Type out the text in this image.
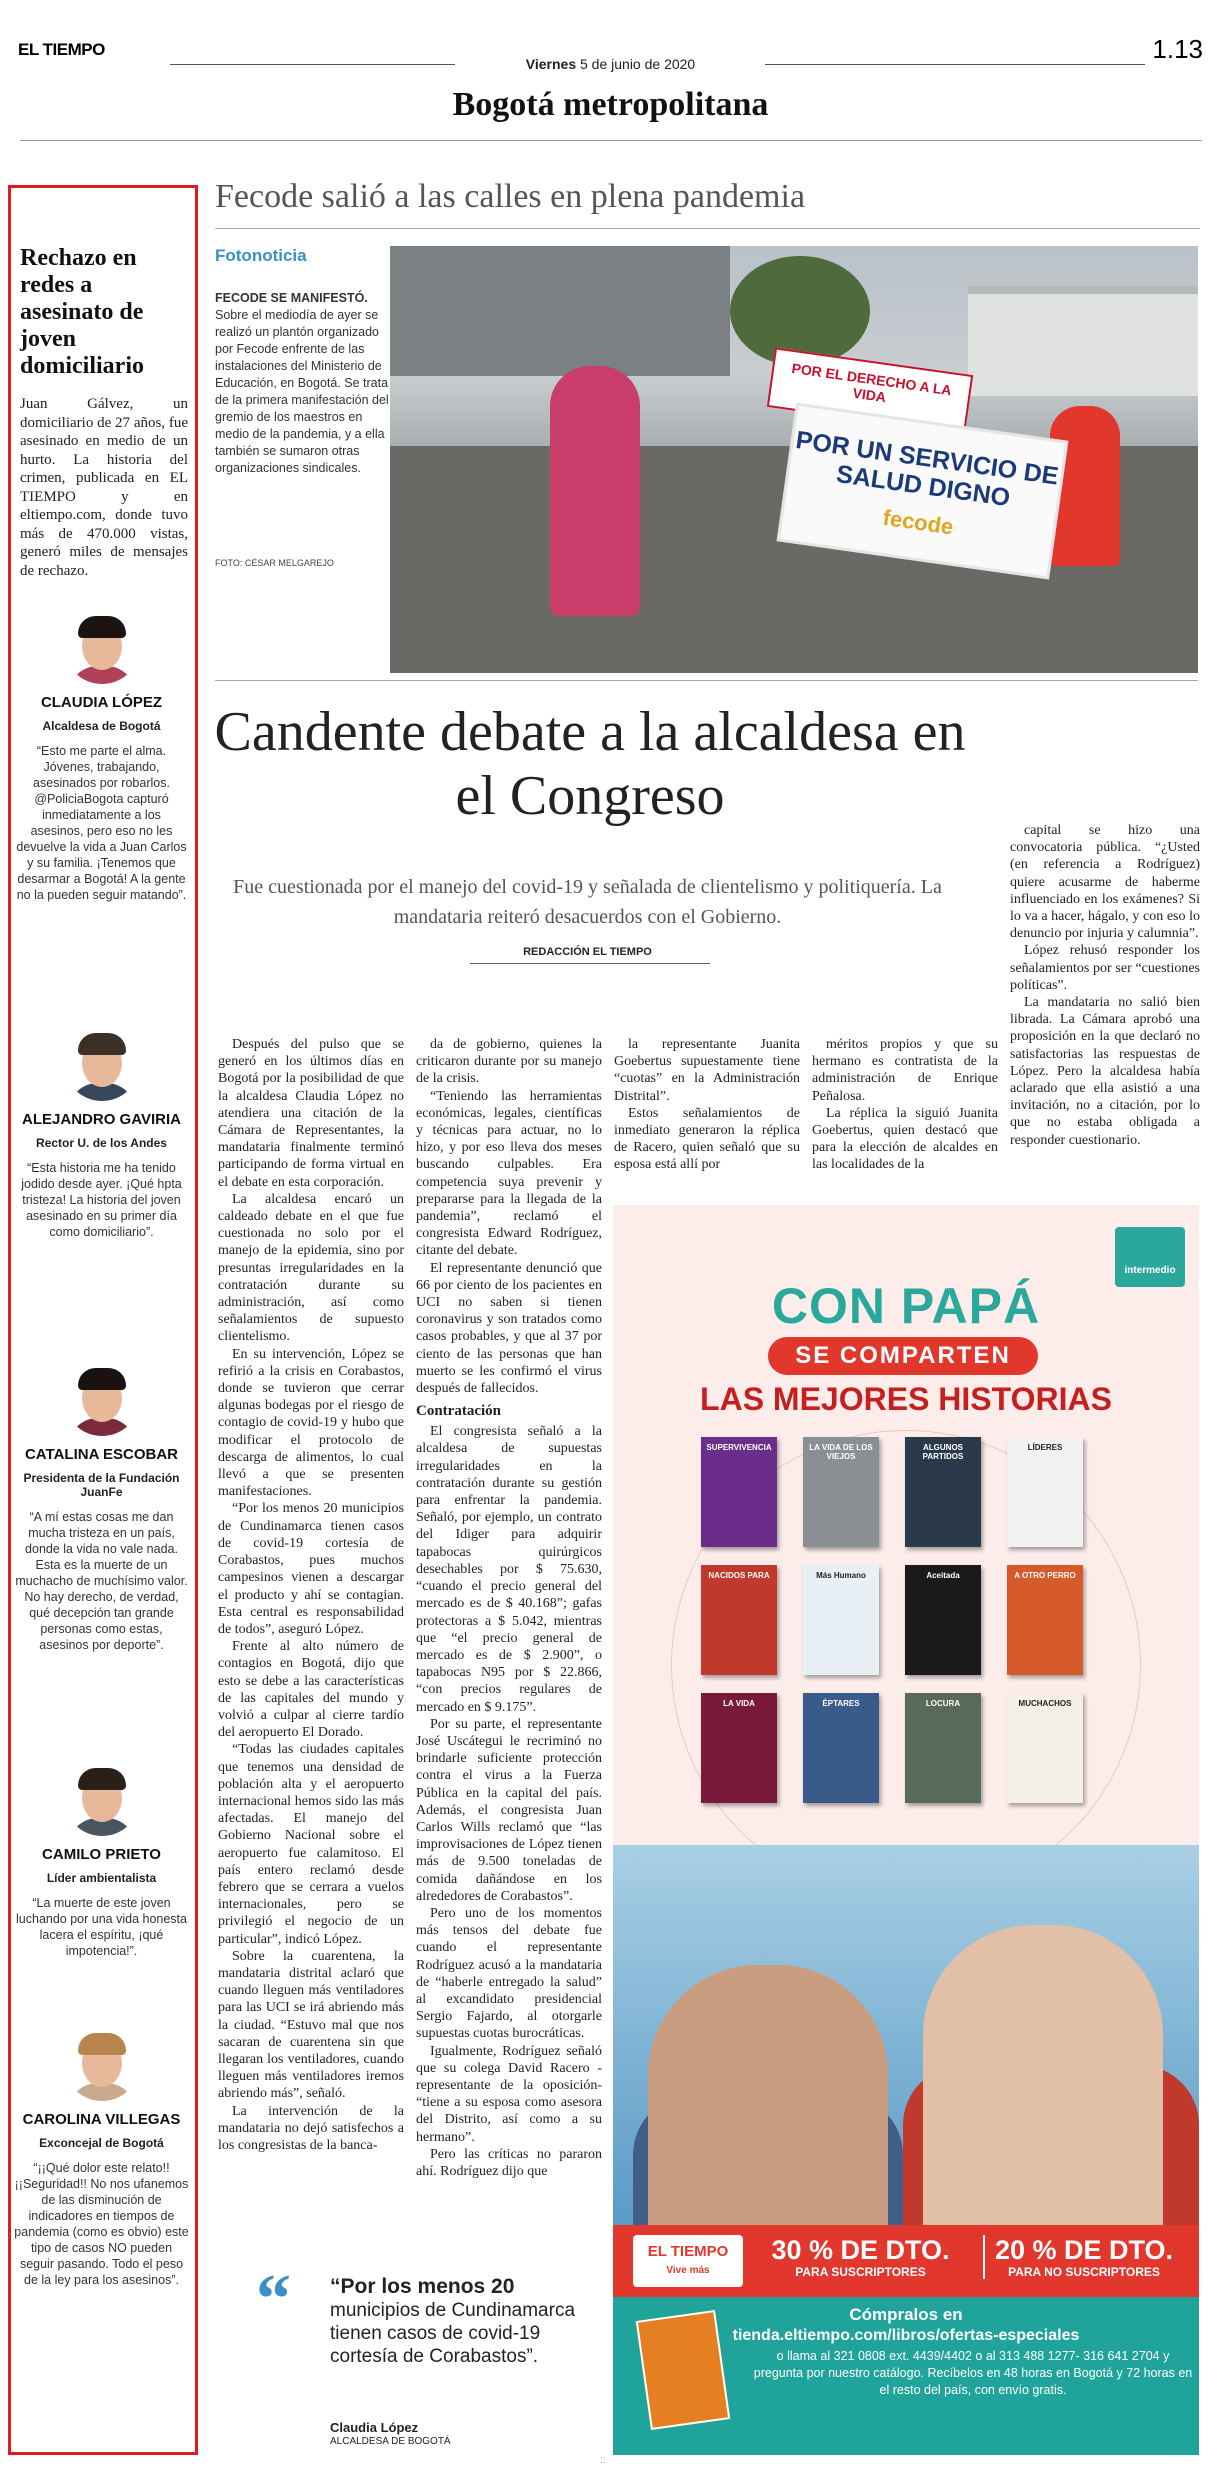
EL TIEMPO	1.13
Viernes 5 de junio de 2020
Bogotá metropolitana
Rechazo en redes a asesinato de joven domiciliario
Juan Gálvez, un domiciliario de 27 años, fue asesinado en medio de un hurto. La historia del crimen, publicada en EL TIEMPO y en eltiempo.com, donde tuvo más de 470.000 vistas, generó miles de mensajes de rechazo.
CLAUDIA LÓPEZ
Alcaldesa de Bogotá
“Esto me parte el alma. Jóvenes, trabajando, asesinados por robarlos. @PoliciaBogota capturó inmediatamente a los asesinos, pero eso no les devuelve la vida a Juan Carlos y su familia. ¡Tenemos que desarmar a Bogotá! A la gente no la pueden seguir matando”.
ALEJANDRO GAVIRIA
Rector U. de los Andes
“Esta historia me ha tenido jodido desde ayer. ¡Qué hpta tristeza! La historia del joven asesinado en su primer día como domiciliario”.
CATALINA ESCOBAR
Presidenta de la Fundación JuanFe
“A mí estas cosas me dan mucha tristeza en un país, donde la vida no vale nada. Esta es la muerte de un muchacho de muchísimo valor. No hay derecho, de verdad, qué decepción tan grande personas como estas, asesinos por deporte”.
CAMILO PRIETO
Líder ambientalista
“La muerte de este joven luchando por una vida honesta lacera el espíritu, ¡qué impotencia!”.
CAROLINA VILLEGAS
Exconcejal de Bogotá
“¡¡Qué dolor este relato!! ¡¡Seguridad!! No nos ufanemos de las disminución de indicadores en tiempos de pandemia (como es obvio) este tipo de casos NO pueden seguir pasando. Todo el peso de la ley para los asesinos”.
Fecode salió a las calles en plena pandemia
Fotonoticia
FECODE SE MANIFESTÓ.
Sobre el mediodía de ayer se realizó un plantón organizado por Fecode enfrente de las instalaciones del Ministerio de Educación, en Bogotá. Se trata de la primera manifestación del gremio de los maestros en medio de la pandemia, y a ella también se sumaron otras organizaciones sindicales.
FOTO: CÉSAR MELGAREJO
POR EL DERECHO A LA VIDA
POR UN SERVICIO DE SALUD DIGNO
fecode
Candente debate a la alcaldesa en el Congreso
Fue cuestionada por el manejo del covid-19 y señalada de clientelismo y politiquería. La mandataria reiteró desacuerdos con el Gobierno.
REDACCIÓN EL TIEMPO

Después del pulso que se generó en los últimos días en Bogotá por la posibilidad de que la alcaldesa Claudia López no atendiera una citación de la Cámara de Representantes, la mandataria finalmente terminó participando de forma virtual en el debate en esta corporación.

La alcaldesa encaró un caldeado debate en el que fue cuestionada no solo por el manejo de la epidemia, sino por presuntas irregularidades en la contratación durante su administración, así como señalamientos de supuesto clientelismo.

En su intervención, López se refirió a la crisis en Corabastos, donde se tuvieron que cerrar algunas bodegas por el riesgo de contagio de covid-19 y hubo que modificar el protocolo de descarga de alimentos, lo cual llevó a que se presenten manifestaciones.

“Por los menos 20 municipios de Cundinamarca tienen casos de covid-19 cortesía de Corabastos, pues muchos campesinos vienen a descargar el producto y ahí se contagian. Esta central es responsabilidad de todos”, aseguró López.

Frente al alto número de contagios en Bogotá, dijo que esto se debe a las características de las capitales del mundo y volvió a culpar al cierre tardío del aeropuerto El Dorado.

“Todas las ciudades capitales que tenemos una densidad de población alta y el aeropuerto internacional hemos sido las más afectadas. El manejo del Gobierno Nacional sobre el aeropuerto fue calamitoso. El país entero reclamó desde febrero que se cerrara a vuelos internacionales, pero se privilegió el negocio de un particular”, indicó López.

Sobre la cuarentena, la mandataria distrital aclaró que cuando lleguen más ventiladores para las UCI se irá abriendo más la ciudad. “Estuvo mal que nos sacaran de cuarentena sin que llegaran los ventiladores, cuando lleguen más ventiladores iremos abriendo más”, señaló.

La intervención de la mandataria no dejó satisfechos a los congresistas de la banca-

da de gobierno, quienes la criticaron durante por su manejo de la crisis.

“Teniendo las herramientas económicas, legales, científicas y técnicas para actuar, no lo hizo, y por eso lleva dos meses buscando culpables. Era competencia suya prevenir y prepararse para la llegada de la pandemia”, reclamó el congresista Edward Rodríguez, citante del debate.

El representante denunció que 66 por ciento de los pacientes en UCI no saben si tienen coronavirus y son tratados como casos probables, y que al 37 por ciento de las personas que han muerto se les confirmó el virus después de fallecidos.

Contratación

El congresista señaló a la alcaldesa de supuestas irregularidades en la contratación durante su gestión para enfrentar la pandemia. Señaló, por ejemplo, un contrato del Idiger para adquirir tapabocas quirúrgicos desechables por $ 75.630, “cuando el precio general del mercado es de $ 40.168”; gafas protectoras a $ 5.042, mientras que “el precio general de mercado es de $ 2.900”, o tapabocas N95 por $ 22.866, “con precios regulares de mercado en $ 9.175”.

Por su parte, el representante José Uscátegui le recriminó no brindarle suficiente protección contra el virus a la Fuerza Pública en la capital del país. Además, el congresista Juan Carlos Wills reclamó que “las improvisaciones de López tienen más de 9.500 toneladas de comida dañándose en los alrededores de Corabastos”.

Pero uno de los momentos más tensos del debate fue cuando el representante Rodríguez acusó a la mandataria de “haberle entregado la salud” al excandidato presidencial Sergio Fajardo, al otorgarle supuestas cuotas burocráticas.

Igualmente, Rodríguez señaló que su colega David Racero -representante de la oposición- “tiene a su esposa como asesora del Distrito, así como a su hermano”.

Pero las críticas no pararon ahí. Rodríguez dijo que

la representante Juanita Goebertus supuestamente tiene “cuotas” en la Administración Distrital”.

Estos señalamientos de inmediato generaron la réplica de Racero, quien señaló que su esposa está allí por

méritos propios y que su hermano es contratista de la administración de Enrique Peñalosa.

La réplica la siguió Juanita Goebertus, quien destacó que para la elección de alcaldes en las localidades de la

capital se hizo una convocatoria pública. “¿Usted (en referencia a Rodríguez) quiere acusarme de haberme influenciado en los exámenes? Si lo va a hacer, hágalo, y con eso lo denuncio por injuria y calumnia”.

López rehusó responder los señalamientos por ser “cuestiones políticas”.

La mandataria no salió bien librada. La Cámara aprobó una proposición en la que declaró no satisfactorias las respuestas de López. Pero la alcaldesa había aclarado que ella asistió a una invitación, no a citación, por lo que no estaba obligada a responder cuestionario.

“ “Por los menos 20
municipios de Cundinamarca tienen casos de covid-19 cortesía de Corabastos”.
Claudia López
ALCALDESA DE BOGOTÁ
intermedio
CON PAPÁ
SE COMPARTEN
LAS MEJORES HISTORIAS
SUPERVIVENCIA	LA VIDA DE LOS VIEJOS
ALGUNOS PARTIDOS
LÍDERES
NACIDOS PARA	Más Humano	Aceitada	A OTRO PERRO
LA VIDA	ÉPTARES	LOCURA	MUCHACHOS
EL TIEMPO
Vive más
30 % DE DTO.
PARA SUSCRIPTORES
20 % DE DTO.
PARA NO SUSCRIPTORES
Cómpralos en
tienda.eltiempo.com/libros/ofertas-especiales
o llama al 321 0808 ext. 4439/4402 o al 313 488 1277- 316 641 2704 y pregunta por nuestro catálogo. Recíbelos en 48 horas en Bogotá y 72 horas en el resto del país, con envío gratis.
::
